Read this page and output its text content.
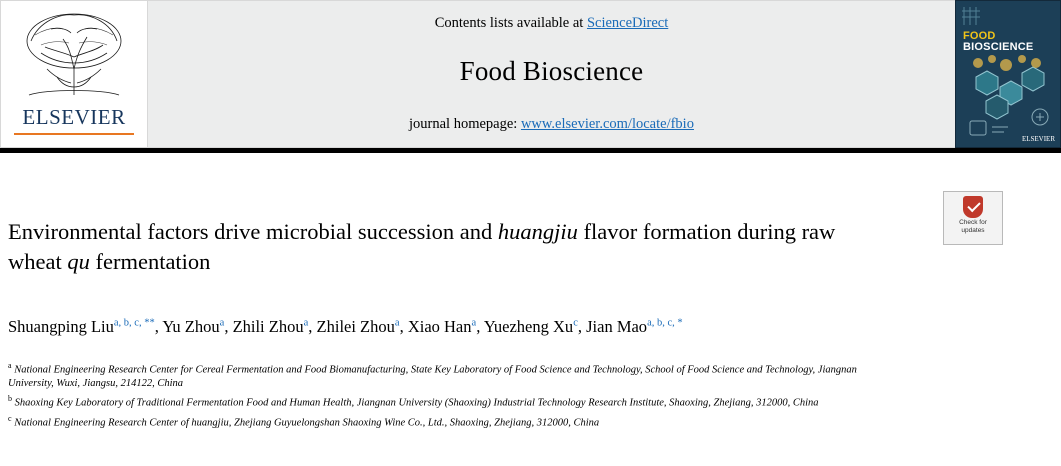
ELSEVIER
Contents lists available at ScienceDirect
Food Bioscience
journal homepage: www.elsevier.com/locate/fbio
FOOD
BIOSCIENCE
ELSEVIER
Check for
updates
Environmental factors drive microbial succession and huangjiu flavor formation during raw wheat qu fermentation
Shuangping Liu$^{a, b, c, **}$, Yu Zhou$^a$, Zhili Zhou$^a$, Zhilei Zhou$^a$, Xiao Han$^a$, Yuezheng Xu$^c$, Jian Mao$^{a, b, c, *}$

$^a$ National Engineering Research Center for Cereal Fermentation and Food Biomanufacturing, State Key Laboratory of Food Science and Technology, School of Food Science and Technology, Jiangnan University, Wuxi, Jiangsu, 214122, China

$^b$ Shaoxing Key Laboratory of Traditional Fermentation Food and Human Health, Jiangnan University (Shaoxing) Industrial Technology Research Institute, Shaoxing, Zhejiang, 312000, China

$^c$ National Engineering Research Center of huangjiu, Zhejiang Guyuelongshan Shaoxing Wine Co., Ltd., Shaoxing, Zhejiang, 312000, China
